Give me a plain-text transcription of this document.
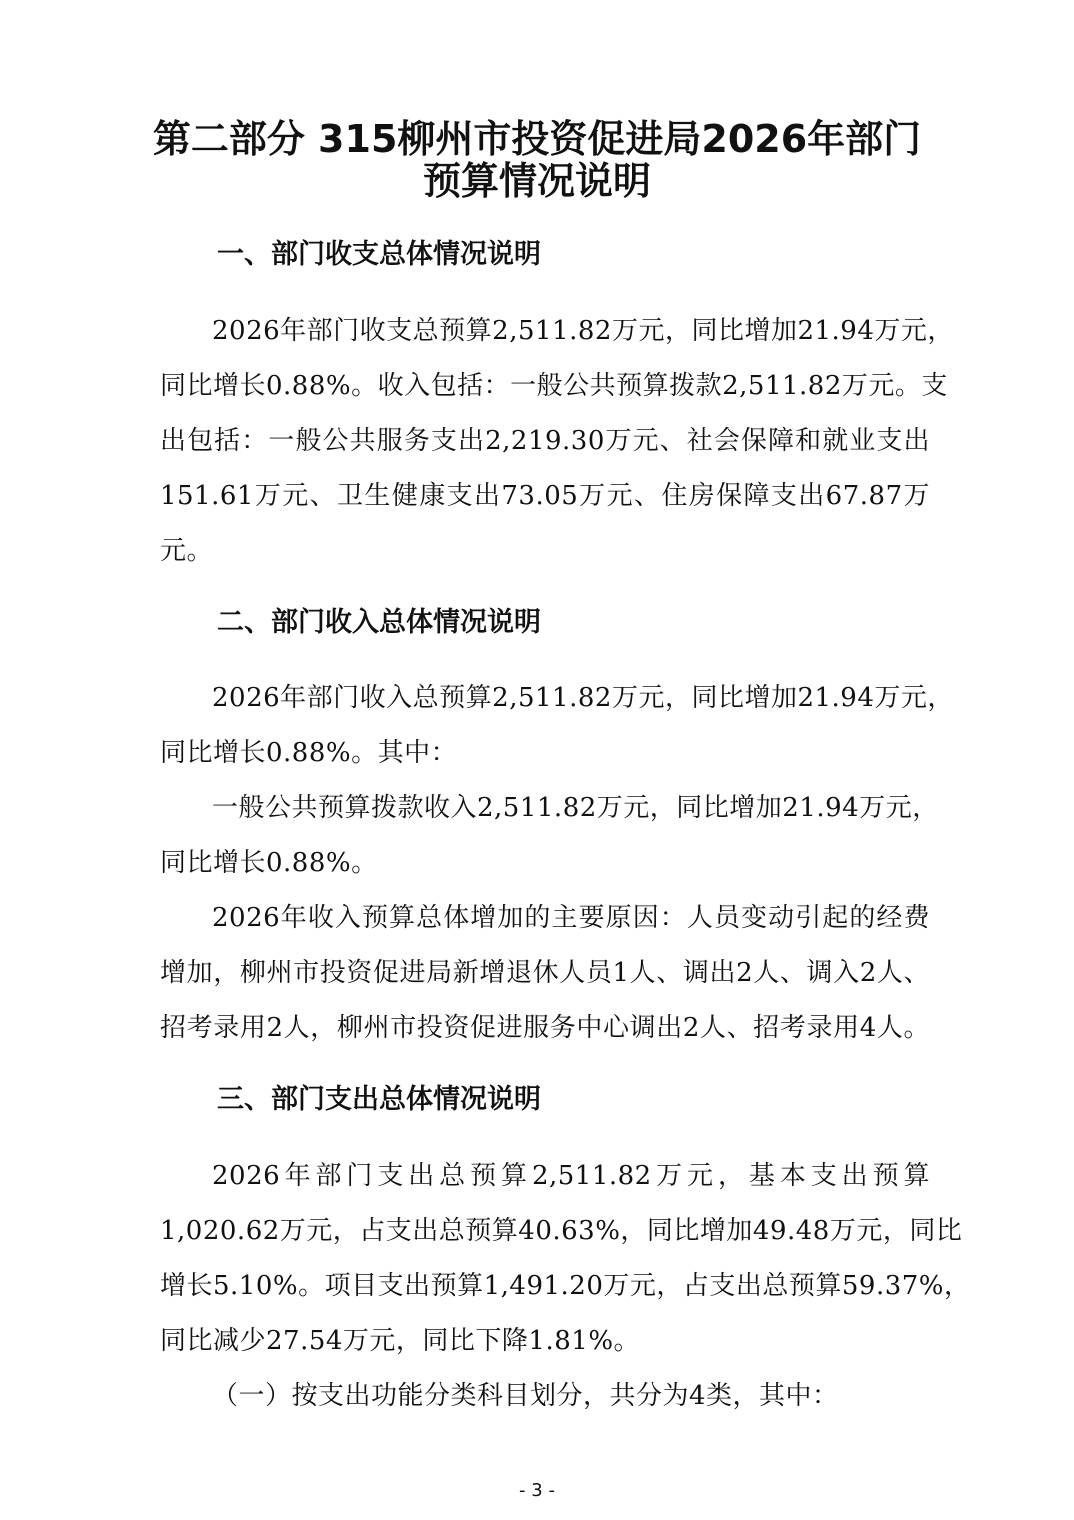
第二部分 315柳州市投资促进局2026年部门
预算情况说明
一、部门收支总体情况说明
2026年部门收支总预算2,511.82万元，同比增加21.94万元，
同比增长0.88%。收入包括：一般公共预算拨款2,511.82万元。支
出包括：一般公共服务支出2,219.30万元、社会保障和就业支出
151.61万元、卫生健康支出73.05万元、住房保障支出67.87万
元。
二、部门收入总体情况说明
2026年部门收入总预算2,511.82万元，同比增加21.94万元，
同比增长0.88%。其中：
一般公共预算拨款收入2,511.82万元，同比增加21.94万元，
同比增长0.88%。
2026年收入预算总体增加的主要原因：人员变动引起的经费
增加，柳州市投资促进局新增退休人员1人、调出2人、调入2人、
招考录用2人，柳州市投资促进服务中心调出2人、招考录用4人。
三、部门支出总体情况说明
2026年部门支出总预算2,511.82万元，基本支出预算
1,020.62万元，占支出总预算40.63%，同比增加49.48万元，同比
增长5.10%。项目支出预算1,491.20万元，占支出总预算59.37%，
同比减少27.54万元，同比下降1.81%。
（一）按支出功能分类科目划分，共分为4类，其中：
- 3 -
